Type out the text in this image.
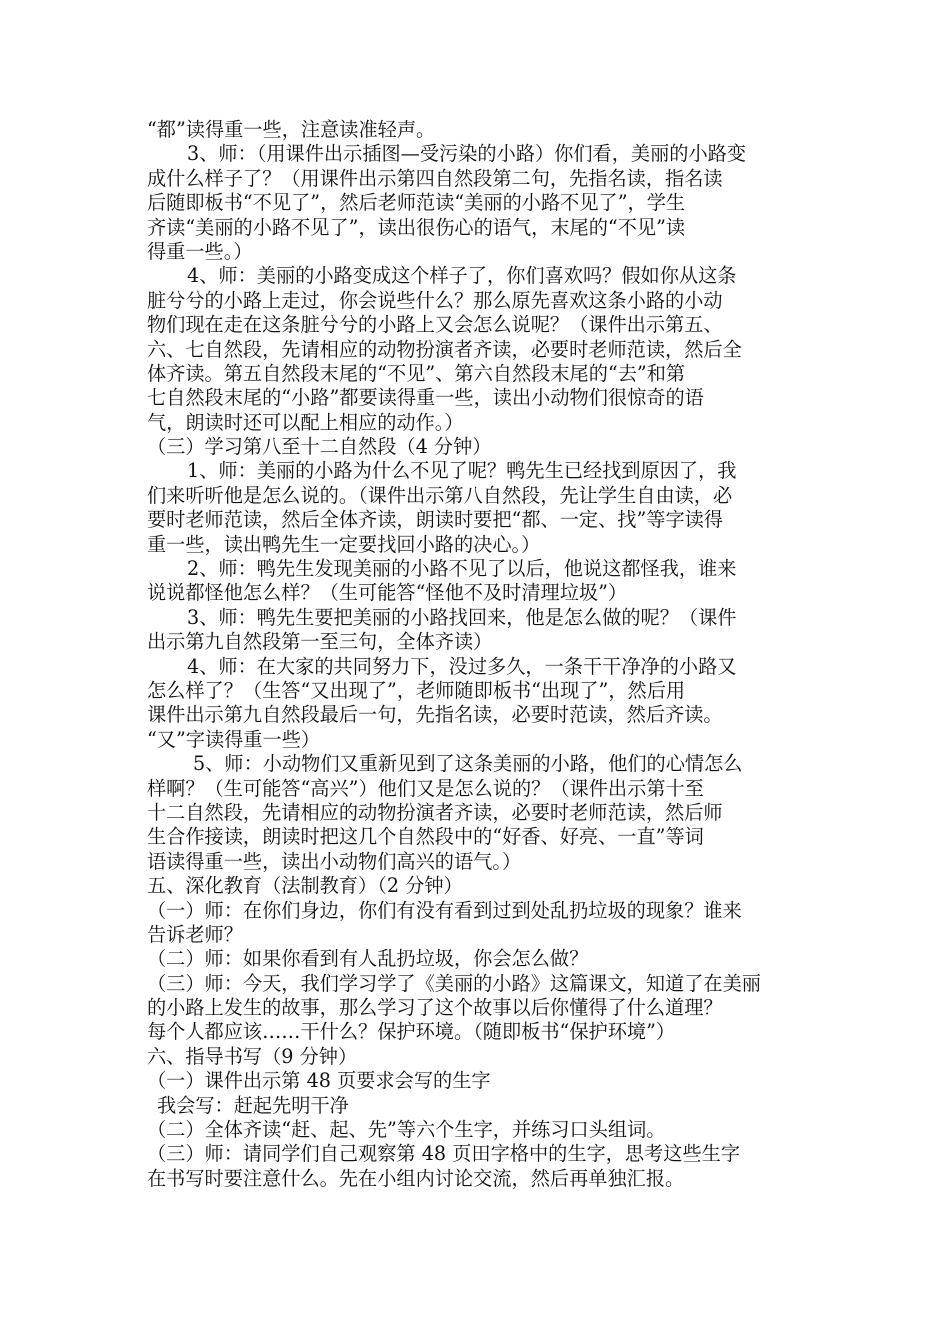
“都”读得重一些，注意读准轻声。
3、师：（用课件出示插图—受污染的小路）你们看，美丽的小路变
成什么样子了？（用课件出示第四自然段第二句，先指名读，指名读
后随即板书“不见了”，然后老师范读“美丽的小路不见了”，学生
齐读“美丽的小路不见了”，读出很伤心的语气，末尾的“不见”读
得重一些。）
4、师：美丽的小路变成这个样子了，你们喜欢吗？假如你从这条
脏兮兮的小路上走过，你会说些什么？那么原先喜欢这条小路的小动
物们现在走在这条脏兮兮的小路上又会怎么说呢？（课件出示第五、
六、七自然段，先请相应的动物扮演者齐读，必要时老师范读，然后全
体齐读。第五自然段末尾的“不见”、第六自然段末尾的“去”和第
七自然段末尾的“小路”都要读得重一些，读出小动物们很惊奇的语
气，朗读时还可以配上相应的动作。）
（三）学习第八至十二自然段（4 分钟）
1、师：美丽的小路为什么不见了呢？鸭先生已经找到原因了，我
们来听听他是怎么说的。（课件出示第八自然段，先让学生自由读，必
要时老师范读，然后全体齐读，朗读时要把“都、一定、找”等字读得
重一些，读出鸭先生一定要找回小路的决心。）
2、师：鸭先生发现美丽的小路不见了以后，他说这都怪我，谁来
说说都怪他怎么样？（生可能答“怪他不及时清理垃圾”）
3、师：鸭先生要把美丽的小路找回来，他是怎么做的呢？（课件
出示第九自然段第一至三句，全体齐读）
4、师：在大家的共同努力下，没过多久，一条干干净净的小路又
怎么样了？（生答“又出现了”，老师随即板书“出现了”，然后用
课件出示第九自然段最后一句，先指名读，必要时范读，然后齐读。
“又”字读得重一些）
5、师：小动物们又重新见到了这条美丽的小路，他们的心情怎么
样啊？（生可能答“高兴”）他们又是怎么说的？（课件出示第十至
十二自然段，先请相应的动物扮演者齐读，必要时老师范读，然后师
生合作接读，朗读时把这几个自然段中的“好香、好亮、一直”等词
语读得重一些，读出小动物们高兴的语气。）
五、深化教育（法制教育）（2 分钟）
（一）师：在你们身边，你们有没有看到过到处乱扔垃圾的现象？谁来
告诉老师？
（二）师：如果你看到有人乱扔垃圾，你会怎么做？
（三）师：今天，我们学习学了《美丽的小路》这篇课文，知道了在美丽
的小路上发生的故事，那么学习了这个故事以后你懂得了什么道理？
每个人都应该……干什么？保护环境。（随即板书“保护环境”）
六、指导书写（9 分钟）
（一）课件出示第 48 页要求会写的生字
我会写：赶起先明干净
（二）全体齐读“赶、起、先”等六个生字，并练习口头组词。
（三）师：请同学们自己观察第 48 页田字格中的生字，思考这些生字
在书写时要注意什么。先在小组内讨论交流，然后再单独汇报。
